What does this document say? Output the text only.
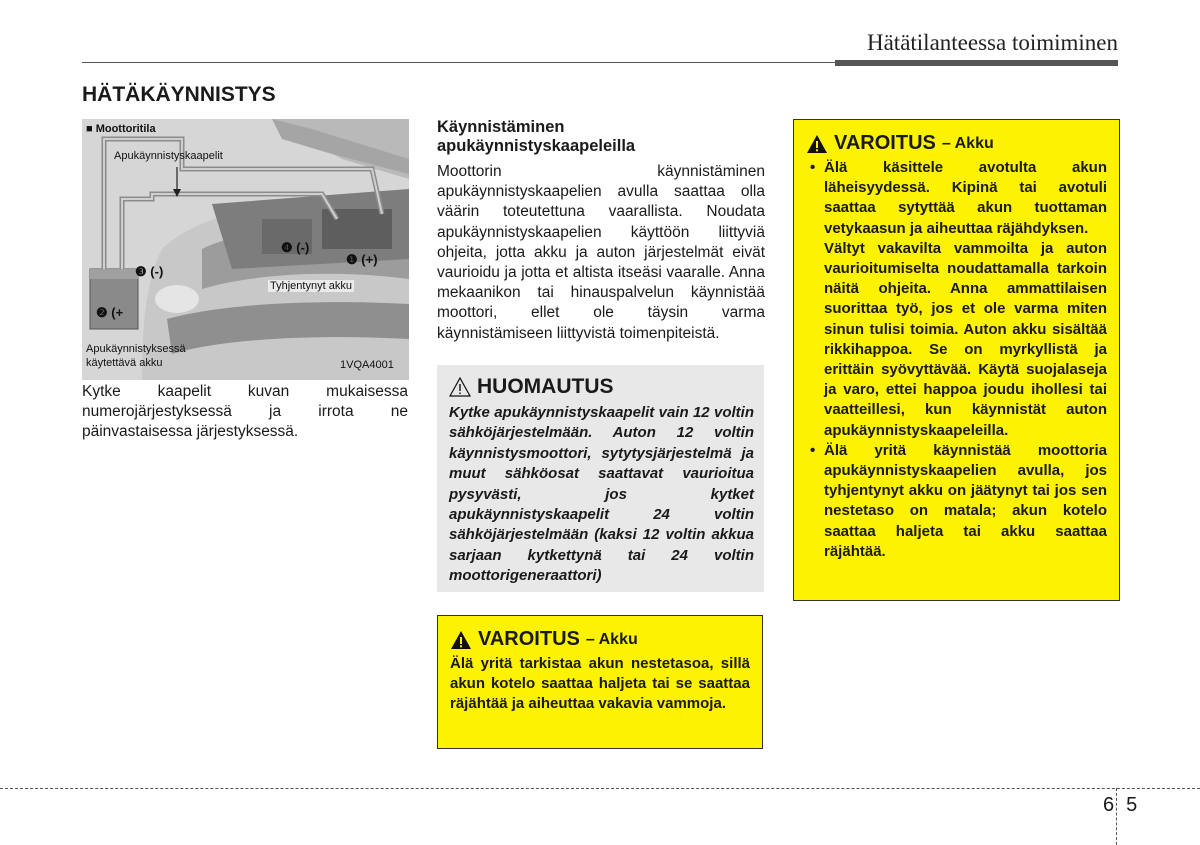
Hätätilanteessa toimiminen
HÄTÄKÄYNNISTYS
■ Moottoritila
Apukäynnistyskaapelit
Tyhjentynyt akku
Apukäynnistyksessä
käytettävä akku	1VQA4001
❶ (+)
❷ (+
❸ (-)
❹ (-)
Kytke kaapelit kuvan mukaisessa numerojärjestyksessä ja irrota ne päinvastaisessa järjestyksessä.
Käynnistäminen apukäynnistyskaapeleilla
Moottorin käynnistäminen apukäynnistyskaapelien avulla saattaa olla väärin toteutettuna vaarallista. Noudata apukäynnistyskaapelien käyttöön liittyviä ohjeita, jotta akku ja auton järjestelmät eivät vaurioidu ja jotta et altista itseäsi vaaralle. Anna mekaanikon tai hinauspalvelun käynnistää moottori, ellet ole täysin varma käynnistämiseen liittyvistä toimenpiteistä.
HUOMAUTUS
Kytke apukäynnistyskaapelit vain 12 voltin sähköjärjestelmään. Auton 12 voltin käynnistysmoottori, sytytysjärjestelmä ja muut sähköosat saattavat vaurioitua pysyvästi, jos kytket apukäynnistyskaapelit 24 voltin sähköjärjestelmään (kaksi 12 voltin akkua sarjaan kytkettynä tai 24 voltin moottorigeneraattori)
VAROITUS – Akku
Älä yritä tarkistaa akun nestetasoa, sillä akun kotelo saattaa haljeta tai se saattaa räjähtää ja aiheuttaa vakavia vammoja.
VAROITUS – Akku
• Älä käsittele avotulta akun läheisyydessä. Kipinä tai avotuli saattaa sytyttää akun tuottaman vetykaasun ja aiheuttaa räjähdyksen.
Vältyt vakavilta vammoilta ja auton vaurioitumiselta noudattamalla tarkoin näitä ohjeita. Anna ammattilaisen suorittaa työ, jos et ole varma miten sinun tulisi toimia. Auton akku sisältää rikkihappoa. Se on myrkyllistä ja erittäin syövyttävää. Käytä suojalaseja ja varo, ettei happoa joudu ihollesi tai vaatteillesi, kun käynnistät auton apukäynnistyskaapeleilla.
• Älä yritä käynnistää moottoria apukäynnistyskaapelien avulla, jos tyhjentynyt akku on jäätynyt tai jos sen nestetaso on matala; akun kotelo saattaa haljeta tai akku saattaa räjähtää.
65
